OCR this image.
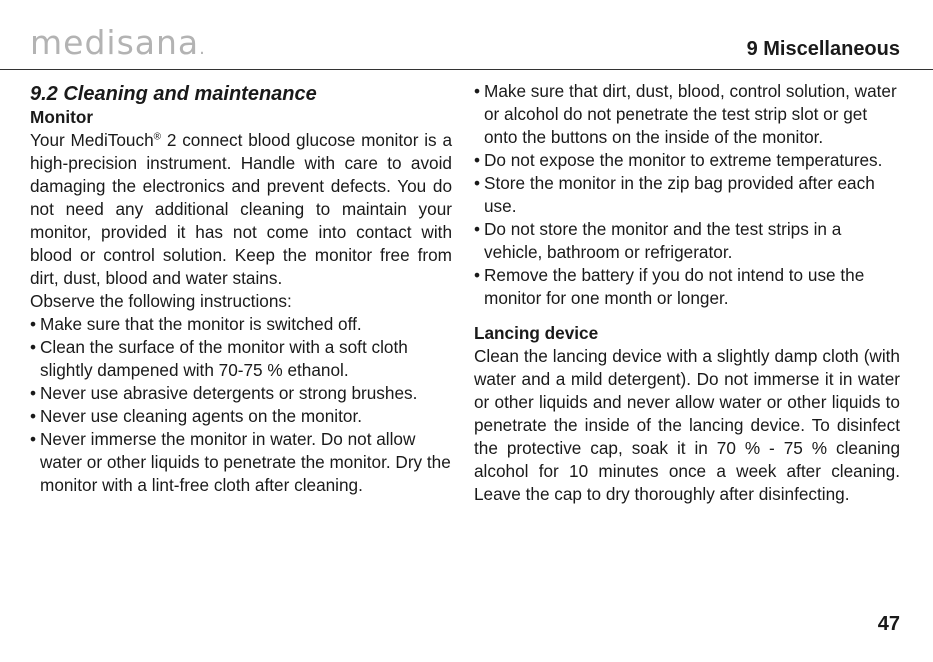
medisana.	9 Miscellaneous

9.2 Cleaning and maintenance

Monitor

Your MediTouch® 2 connect blood glucose monitor is a high-precision instrument. Handle with care to avoid damaging the electronics and prevent defects. You do not need any additional cleaning to maintain your monitor, provided it has not come into contact with blood or control solution. Keep the monitor free from dirt, dust, blood and water stains.

Observe the following instructions:

• Make sure that the monitor is switched off.
• Clean the surface of the monitor with a soft cloth slightly dampened with 70-75 % ethanol.
• Never use abrasive detergents or strong brushes.
• Never use cleaning agents on the monitor.
• Never immerse the monitor in water. Do not allow water or other liquids to penetrate the monitor. Dry the monitor with a lint-free cloth after cleaning.
• Make sure that dirt, dust, blood, control solution, water or alcohol do not penetrate the test strip slot or get onto the buttons on the inside of the monitor.
• Do not expose the monitor to extreme temperatures.
• Store the monitor in the zip bag provided after each use.
• Do not store the monitor and the test strips in a vehicle, bathroom or refrigerator.
• Remove the battery if you do not intend to use the monitor for one month or longer.

Lancing device

Clean the lancing device with a slightly damp cloth (with water and a mild detergent). Do not immerse it in water or other liquids and never allow water or other liquids to penetrate the inside of the lancing device. To disinfect the protective cap, soak it in 70 % - 75 % cleaning alcohol for 10 minutes once a week after cleaning. Leave the cap to dry thoroughly after disinfecting.

47
